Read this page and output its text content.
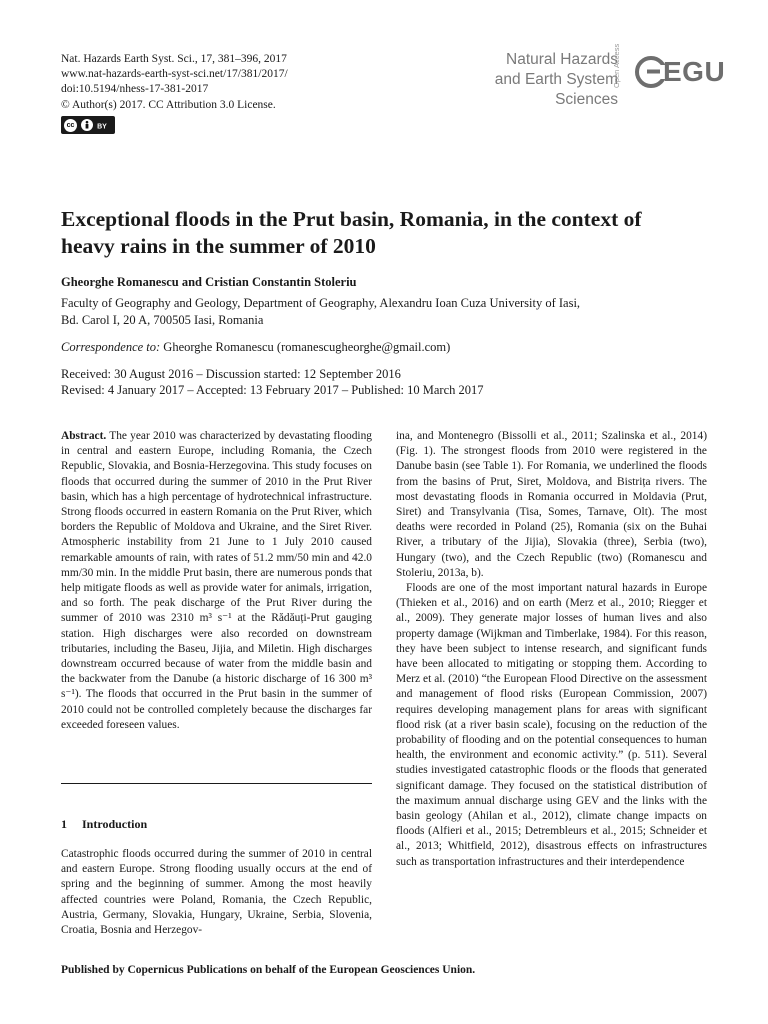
Nat. Hazards Earth Syst. Sci., 17, 381–396, 2017
www.nat-hazards-earth-syst-sci.net/17/381/2017/
doi:10.5194/nhess-17-381-2017
© Author(s) 2017. CC Attribution 3.0 License.
cc	BY
Natural Hazards
and Earth System
Sciences
Open Access EGU
Exceptional floods in the Prut basin, Romania, in the context of heavy rains in the summer of 2010
Gheorghe Romanescu and Cristian Constantin Stoleriu
Faculty of Geography and Geology, Department of Geography, Alexandru Ioan Cuza University of Iasi,
Bd. Carol I, 20 A, 700505 Iasi, Romania
Correspondence to: Gheorghe Romanescu (romanescugheorghe@gmail.com)
Received: 30 August 2016 – Discussion started: 12 September 2016
Revised: 4 January 2017 – Accepted: 13 February 2017 – Published: 10 March 2017

Abstract. The year 2010 was characterized by devastating flooding in central and eastern Europe, including Romania, the Czech Republic, Slovakia, and Bosnia-Herzegovina. This study focuses on floods that occurred during the summer of 2010 in the Prut River basin, which has a high percentage of hydrotechnical infrastructure. Strong floods occurred in eastern Romania on the Prut River, which borders the Republic of Moldova and Ukraine, and the Siret River. Atmospheric instability from 21 June to 1 July 2010 caused remarkable amounts of rain, with rates of 51.2 mm/50 min and 42.0 mm/30 min. In the middle Prut basin, there are numerous ponds that help mitigate floods as well as provide water for animals, irrigation, and so forth. The peak discharge of the Prut River during the summer of 2010 was 2310 m³ s⁻¹ at the Rădăuți-Prut gauging station. High discharges were also recorded on downstream tributaries, including the Baseu, Jijia, and Miletin. High discharges downstream occurred because of water from the middle basin and the backwater from the Danube (a historic discharge of 16 300 m³ s⁻¹). The floods that occurred in the Prut basin in the summer of 2010 could not be controlled completely because the discharges far exceeded foreseen values.

1 Introduction

Catastrophic floods occurred during the summer of 2010 in central and eastern Europe. Strong flooding usually occurs at the end of spring and the beginning of summer. Among the most heavily affected countries were Poland, Romania, the Czech Republic, Austria, Germany, Slovakia, Hungary, Ukraine, Serbia, Slovenia, Croatia, Bosnia and Herzegov-

ina, and Montenegro (Bissolli et al., 2011; Szalinska et al., 2014) (Fig. 1). The strongest floods from 2010 were registered in the Danube basin (see Table 1). For Romania, we underlined the floods from the basins of Prut, Siret, Moldova, and Bistrița rivers. The most devastating floods in Romania occurred in Moldavia (Prut, Siret) and Transylvania (Tisa, Somes, Tarnave, Olt). The most deaths were recorded in Poland (25), Romania (six on the Buhai River, a tributary of the Jijia), Slovakia (three), Serbia (two), Hungary (two), and the Czech Republic (two) (Romanescu and Stoleriu, 2013a, b).

Floods are one of the most important natural hazards in Europe (Thieken et al., 2016) and on earth (Merz et al., 2010; Riegger et al., 2009). They generate major losses of human lives and also property damage (Wijkman and Timberlake, 1984). For this reason, they have been subject to intense research, and significant funds have been allocated to mitigating or stopping them. According to Merz et al. (2010) “the European Flood Directive on the assessment and management of flood risks (European Commission, 2007) requires developing management plans for areas with significant flood risk (at a river basin scale), focusing on the reduction of the probability of flooding and on the potential consequences to human health, the environment and economic activity.” (p. 511). Several studies investigated catastrophic floods or the floods that generated significant damage. They focused on the statistical distribution of the maximum annual discharge using GEV and the links with the basin geology (Ahilan et al., 2012), climate change impacts on floods (Alfieri et al., 2015; Detrembleurs et al., 2015; Schneider et al., 2013; Whitfield, 2012), disastrous effects on infrastructures such as transportation infrastructures and their interdependence

Published by Copernicus Publications on behalf of the European Geosciences Union.
